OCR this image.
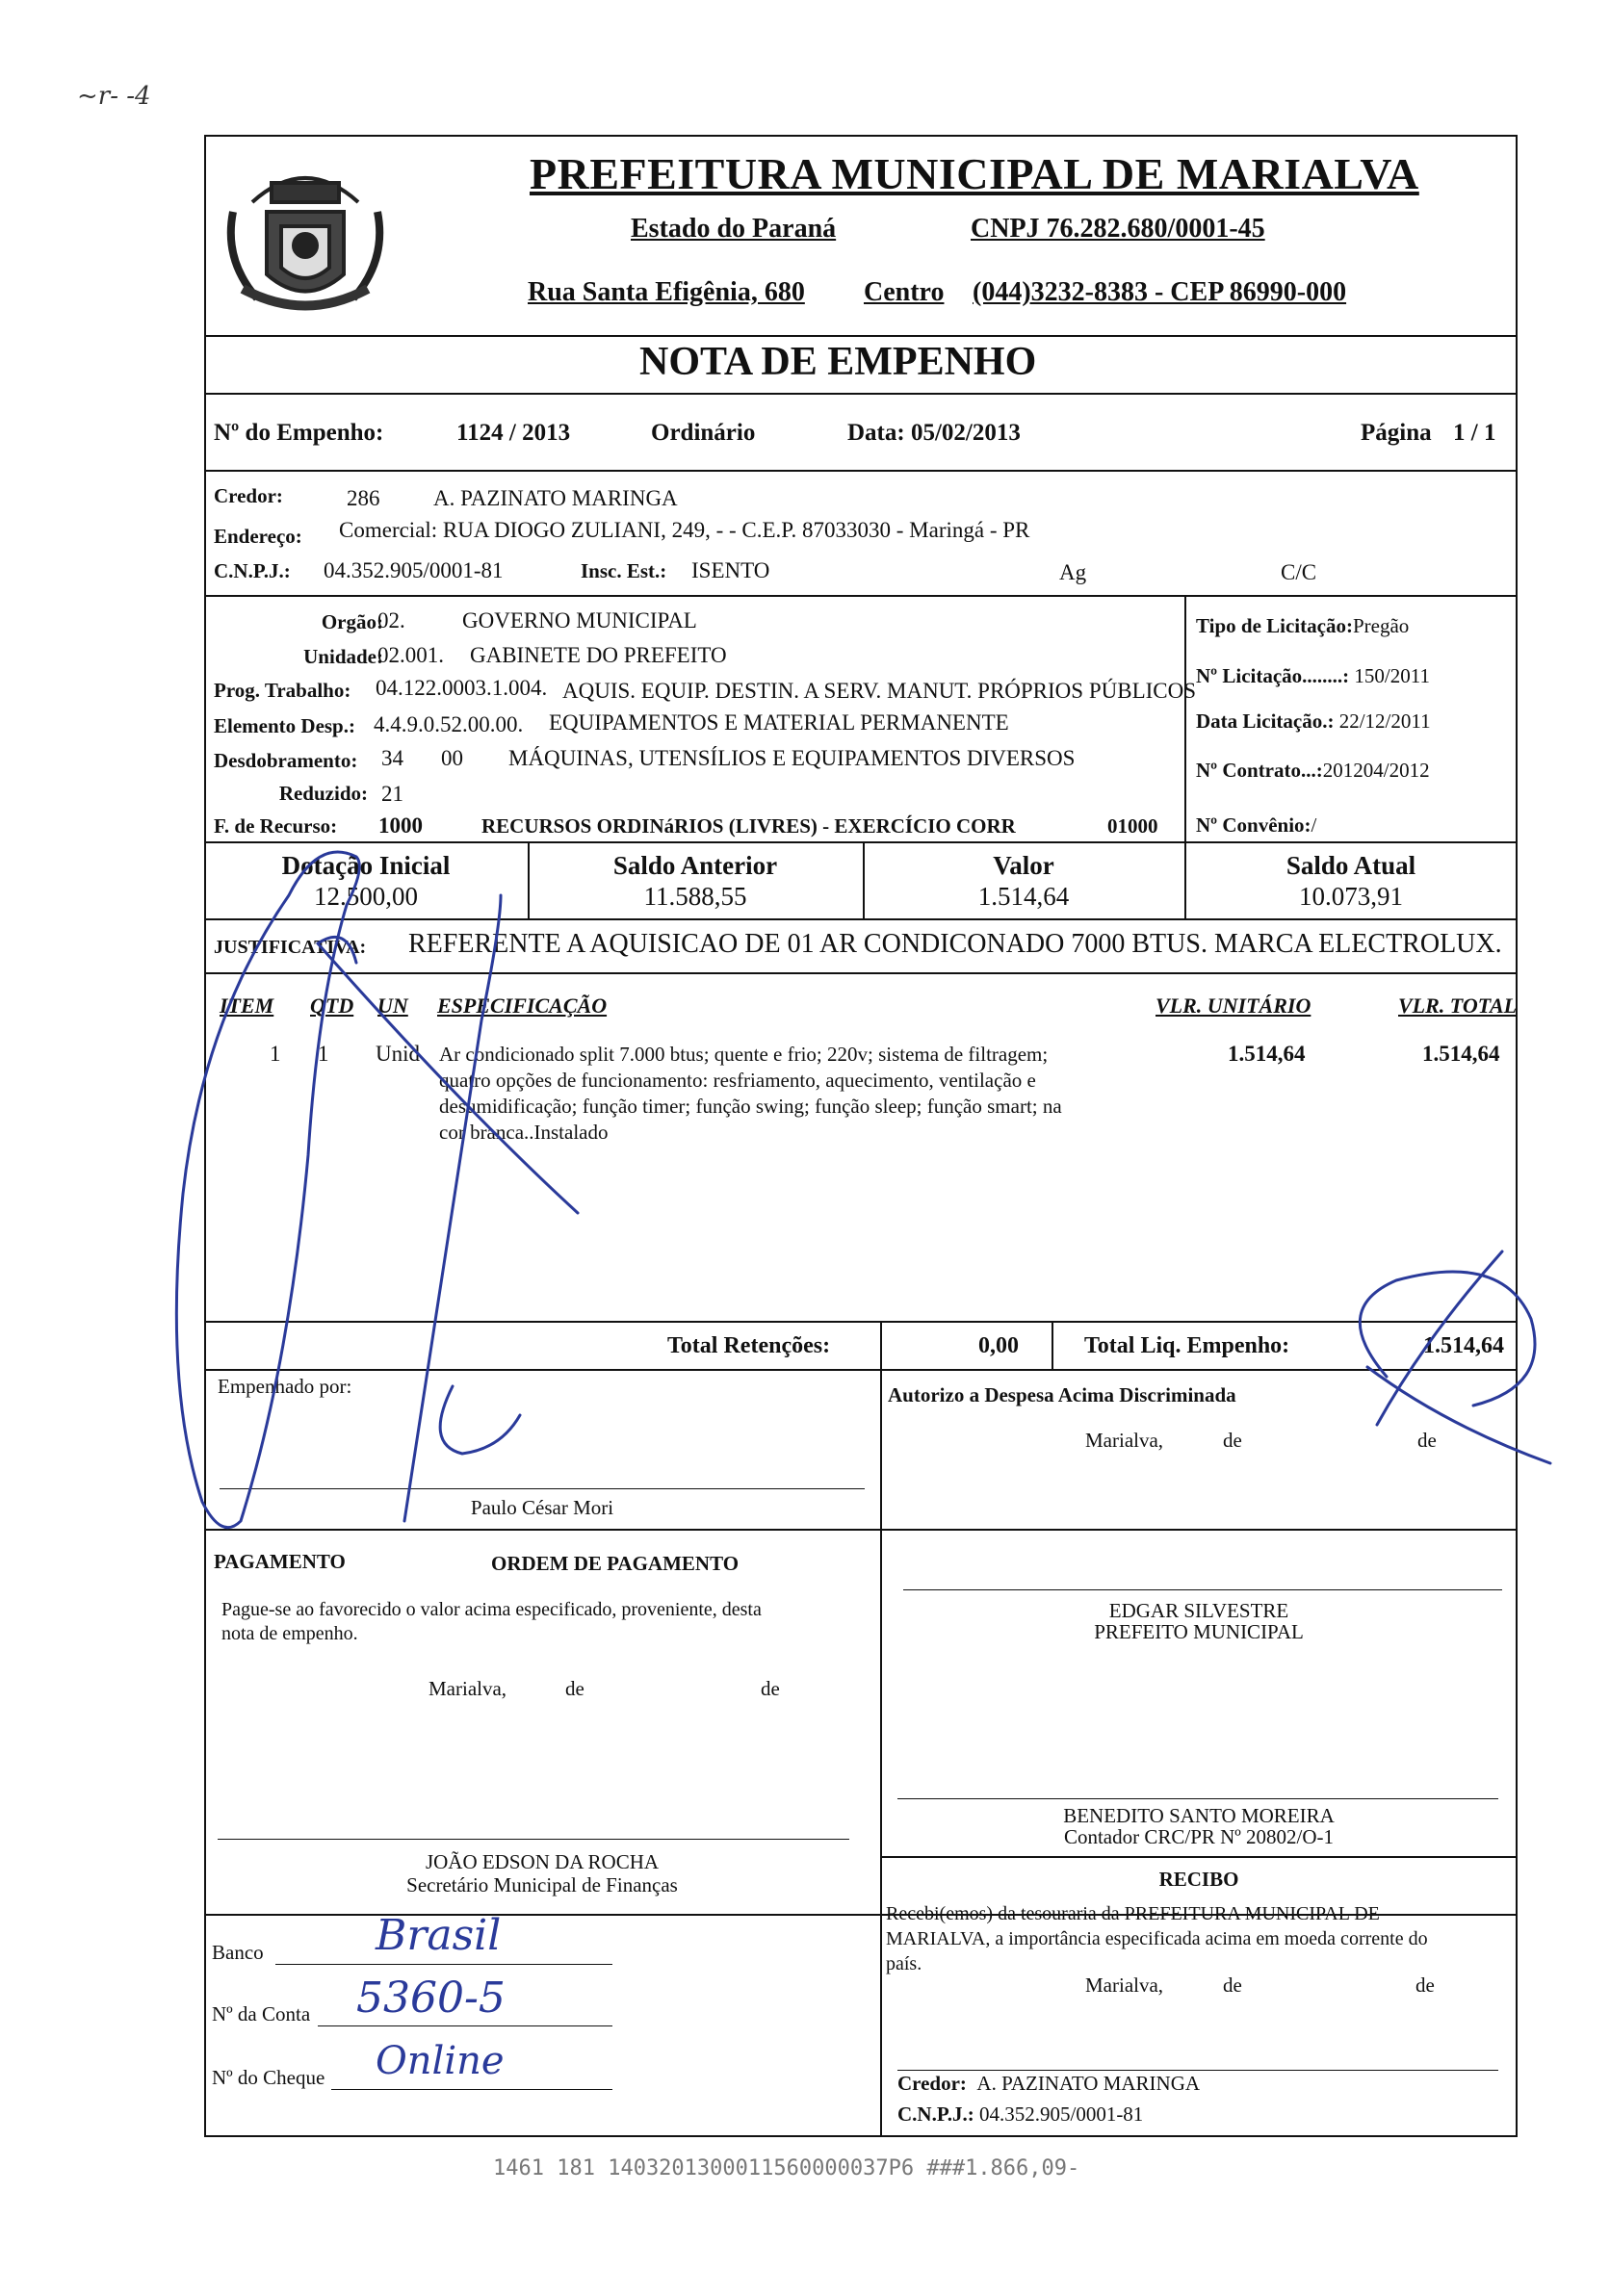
~r- -4
PREFEITURA MUNICIPAL DE MARIALVA
Estado do Paraná	CNPJ 76.282.680/0001-45
Rua Santa Efigênia, 680 Centro (044)3232-8383 - CEP 86990-000
NOTA DE EMPENHO
Nº do Empenho:	1124 / 2013	Ordinário	Data: 05/02/2013	Página 1 / 1
Credor:	286 A. PAZINATO MARINGA
Endereço: Comercial: RUA DIOGO ZULIANI, 249, - - C.E.P. 87033030 - Maringá - PR
C.N.P.J.: 04.352.905/0001-81	Insc. Est.: ISENTO	Ag	C/C
Orgão:
02.	GOVERNO MUNICIPAL
Unidade:
02.001. GABINETE DO PREFEITO
Prog. Trabalho: 04.122.0003.1.004. AQUIS. EQUIP. DESTIN. A SERV. MANUT. PRÓPRIOS PÚBLICOS
Elemento Desp.: 4.4.9.0.52.00.00. EQUIPAMENTOS E MATERIAL PERMANENTE
Desdobramento: 34 00 MÁQUINAS, UTENSÍLIOS E EQUIPAMENTOS DIVERSOS
Reduzido: 21
F. de Recurso: 1000	RECURSOS ORDINáRIOS (LIVRES) - EXERCÍCIO CORR	01000
Tipo de Licitação:Pregão
Nº Licitação........: 150/2011
Data Licitação.: 22/12/2011
Nº Contrato...:201204/2012
Nº Convênio:/
Dotação Inicial
12.500,00
Saldo Anterior
11.588,55
Valor
1.514,64
Saldo Atual
10.073,91
JUSTIFICATIVA: REFERENTE A AQUISICAO DE 01 AR CONDICONADO 7000 BTUS. MARCA ELECTROLUX.
ITEM QTD UN ESPECIFICAÇÃO	VLR. UNITÁRIO	VLR. TOTAL
1 1 Unid Ar condicionado split 7.000 btus; quente e frio; 220v; sistema de filtragem;
quatro opções de funcionamento: resfriamento, aquecimento, ventilação e
desumidificação; função timer; função swing; função sleep; função smart; na
cor branca..Instalado
1.514,64	1.514,64
Total Retenções:	0,00	Total Liq. Empenho:	1.514,64
Empenhado por:
Paulo César Mori
Autorizo a Despesa Acima Discriminada
Marialva,	de	de
PAGAMENTO	ORDEM DE PAGAMENTO
Pague-se ao favorecido o valor acima especificado, proveniente, desta
nota de empenho.
Marialva,	de	de
EDGAR SILVESTRE
PREFEITO MUNICIPAL
BENEDITO SANTO MOREIRA
Contador CRC/PR Nº 20802/O-1
JOÃO EDSON DA ROCHA
Secretário Municipal de Finanças	RECIBO
Recebi(emos) da tesouraria da PREFEITURA MUNICIPAL DE
MARIALVA, a importância especificada acima em moeda corrente do
país.
Marialva,	de	de
Credor: A. PAZINATO MARINGA
C.N.P.J.: 04.352.905/0001-81
Banco	Brasil
Nº da Conta 5360-5
Nº do Cheque Online
1461 181 1403201300011560000037P6 ###1.866,09-
